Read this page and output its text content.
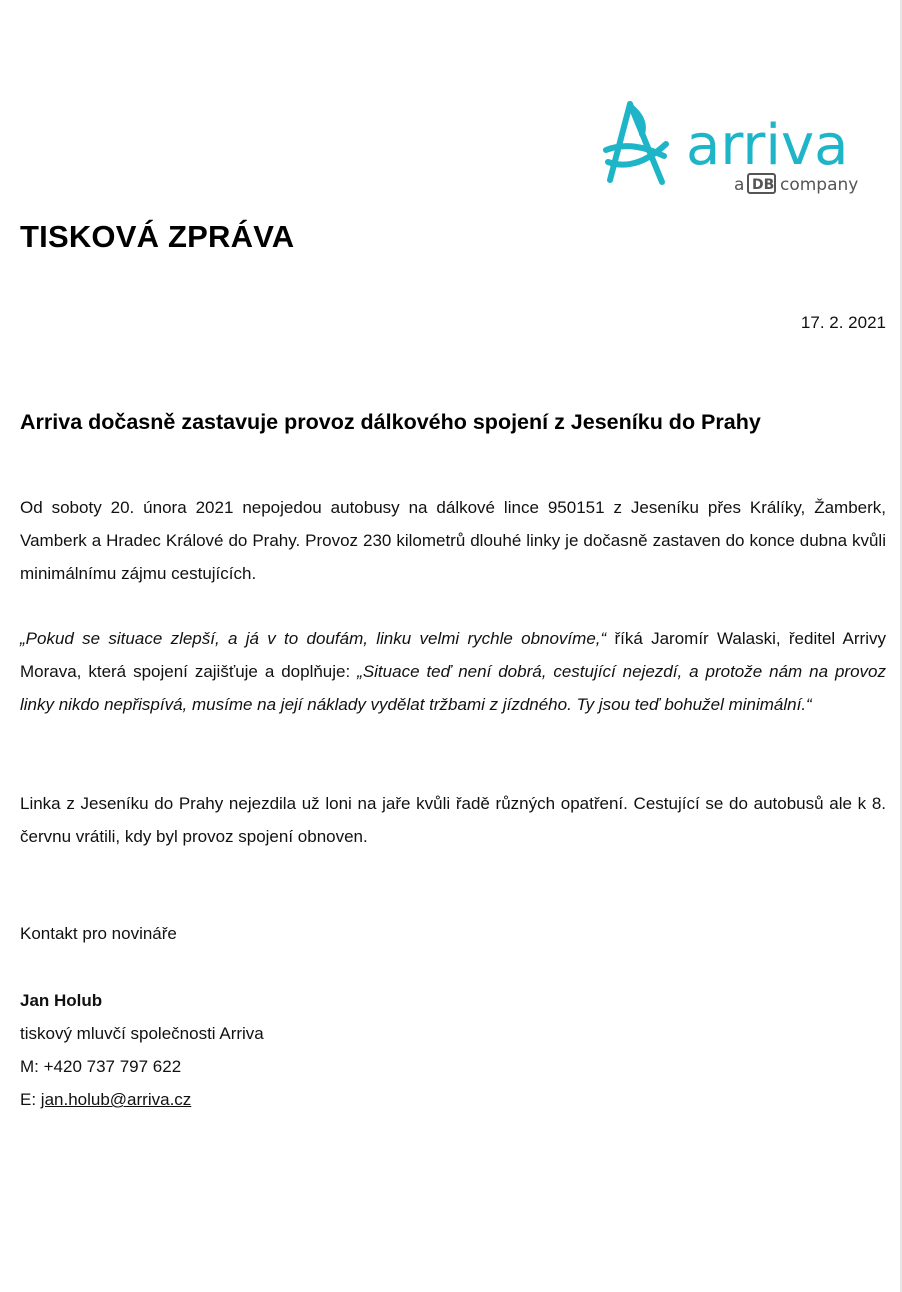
arriva
a DB company
TISKOVÁ ZPRÁVA
17. 2. 2021
Arriva dočasně zastavuje provoz dálkového spojení z Jeseníku do Prahy

Od soboty 20. února 2021 nepojedou autobusy na dálkové lince 950151 z Jeseníku přes Králíky, Žamberk, Vamberk a Hradec Králové do Prahy. Provoz 230 kilometrů dlouhé linky je dočasně zastaven do konce dubna kvůli minimálnímu zájmu cestujících.

„Pokud se situace zlepší, a já v to doufám, linku velmi rychle obnovíme,“ říká Jaromír Walaski, ředitel Arrivy Morava, která spojení zajišťuje a doplňuje: „Situace teď není dobrá, cestující nejezdí, a protože nám na provoz linky nikdo nepřispívá, musíme na její náklady vydělat tržbami z jízdného. Ty jsou teď bohužel minimální.“

Linka z Jeseníku do Prahy nejezdila už loni na jaře kvůli řadě různých opatření. Cestující se do autobusů ale k 8. červnu vrátili, kdy byl provoz spojení obnoven.

Kontakt pro novináře
Jan Holub
tiskový mluvčí společnosti Arriva
M: +420 737 797 622
E: jan.holub@arriva.cz
